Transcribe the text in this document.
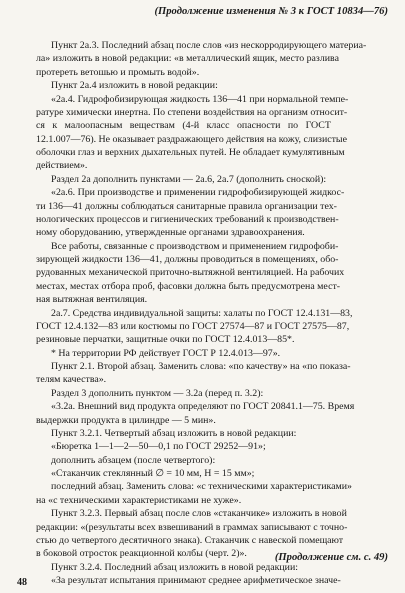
(Продолжение изменения № 3 к ГОСТ 10834—76)
Пункт 2а.3. Последний абзац после слов «из нескорродирующего материа-
ла» изложить в новой редакции: «в металлический ящик, место разлива
протереть ветошью и промыть водой».
Пункт 2а.4 изложить в новой редакции:
«2а.4. Гидрофобизирующая жидкость 136—41 при нормальной темпе-
ратуре химически инертна. По степени воздействия на организм относит-
ся к малоопасным веществам (4-й класс опасности по ГОСТ
12.1.007—76). Не оказывает раздражающего действия на кожу, слизистые
оболочки глаз и верхних дыхательных путей. Не обладает кумулятивным
действием».
Раздел 2а дополнить пунктами — 2а.6, 2а.7 (дополнить сноской):
«2а.6. При производстве и применении гидрофобизирующей жидкос-
ти 136—41 должны соблюдаться санитарные правила организации тех-
нологических процессов и гигиенических требований к производствен-
ному оборудованию, утвержденные органами здравоохранения.
Все работы, связанные с производством и применением гидрофоби-
зирующей жидкости 136—41, должны проводиться в помещениях, обо-
рудованных механической приточно-вытяжной вентиляцией. На рабочих
местах, местах отбора проб, фасовки должна быть предусмотрена мест-
ная вытяжная вентиляция.
2а.7. Средства индивидуальной защиты: халаты по ГОСТ 12.4.131—83,
ГОСТ 12.4.132—83 или костюмы по ГОСТ 27574—87 и ГОСТ 27575—87,
резиновые перчатки, защитные очки по ГОСТ 12.4.013—85*.
* На территории РФ действует ГОСТ Р 12.4.013—97».
Пункт 2.1. Второй абзац. Заменить слова: «по качеству» на «по показа-
телям качества».
Раздел 3 дополнить пунктом — 3.2а (перед п. 3.2):
«3.2а. Внешний вид продукта определяют по ГОСТ 20841.1—75. Время
выдержки продукта в цилиндре — 5 мин».
Пункт 3.2.1. Четвертый абзац изложить в новой редакции:
«Бюретка 1—1—2—50—0,1 по ГОСТ 29252—91»;
дополнить абзацем (после четвертого):
«Стаканчик стеклянный ∅ = 10 мм, Н = 15 мм»;
последний абзац. Заменить слова: «с техническими характеристиками»
на «с техническими характеристиками не хуже».
Пункт 3.2.3. Первый абзац после слов «стаканчике» изложить в новой
редакции: «(результаты всех взвешиваний в граммах записывают с точно-
стью до четвертого десятичного знака). Стаканчик с навеской помещают
в боковой отросток реакционной колбы (черт. 2)».
Пункт 3.2.4. Последний абзац изложить в новой редакции:
«За результат испытания принимают среднее арифметическое значе-
(Продолжение см. с. 49)
48
